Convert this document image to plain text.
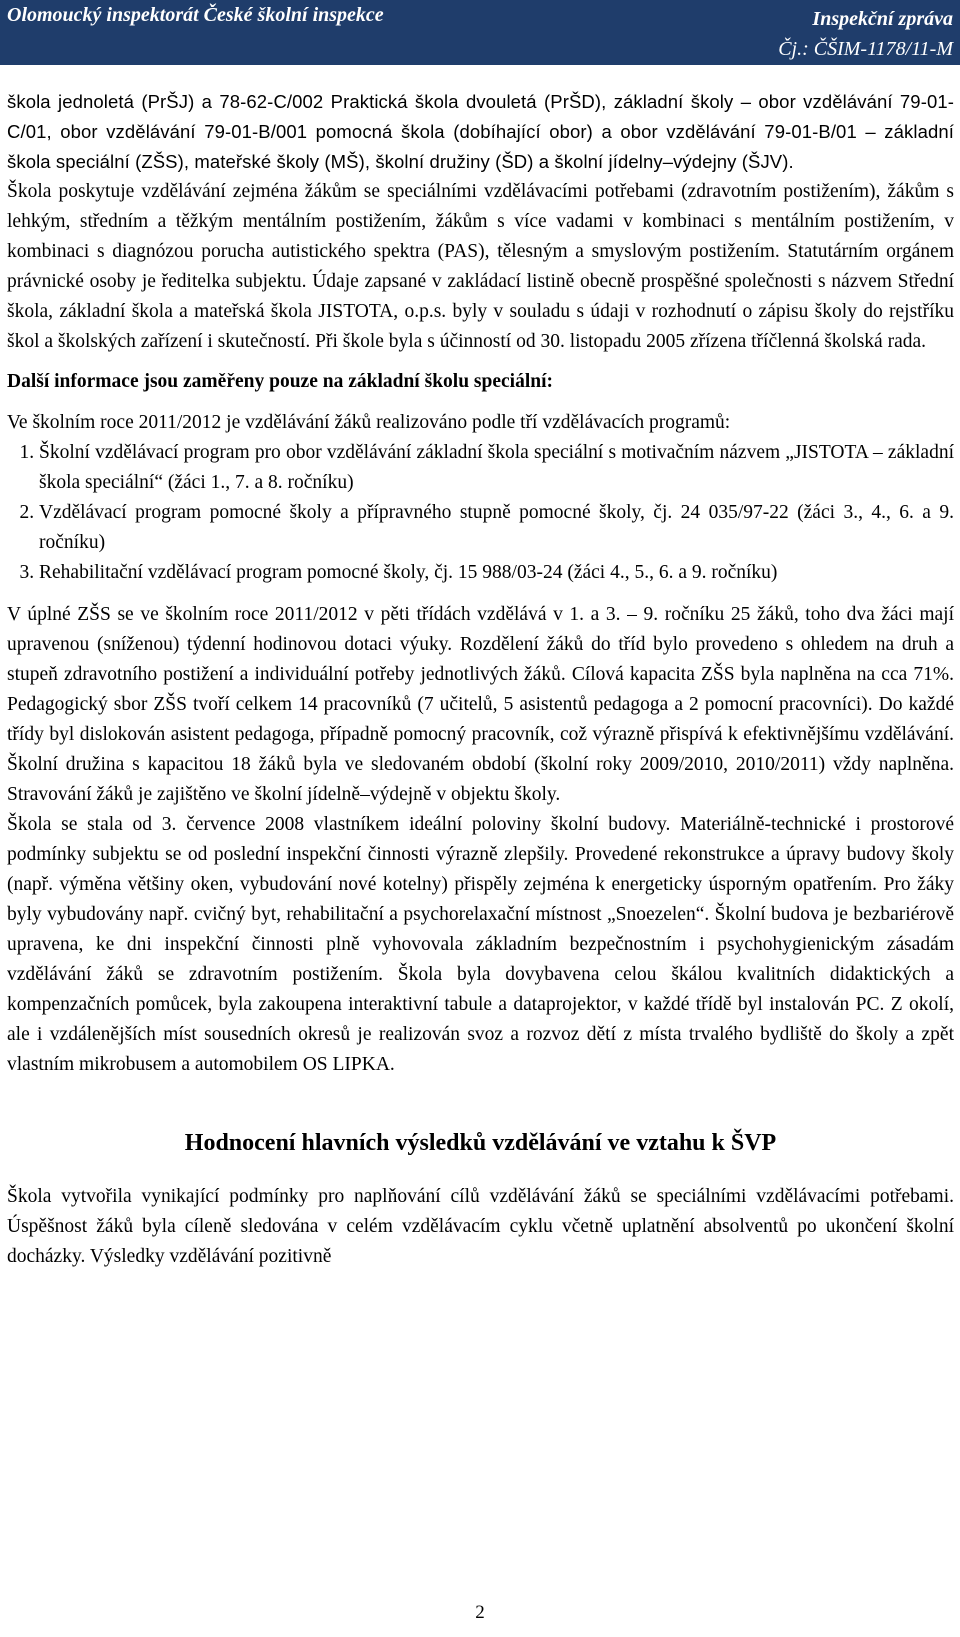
Olomoucký inspektorát České školní inspekce	Inspekční zpráva
Čj.: ČŠIM-1178/11-M

škola jednoletá (PrŠJ) a 78-62-C/002 Praktická škola dvouletá (PrŠD), základní školy – obor vzdělávání 79-01-C/01, obor vzdělávání 79-01-B/001 pomocná škola (dobíhající obor) a obor vzdělávání 79-01-B/01 – základní škola speciální (ZŠS), mateřské školy (MŠ), školní družiny (ŠD) a školní jídelny–výdejny (ŠJV).

Škola poskytuje vzdělávání zejména žákům se speciálními vzdělávacími potřebami (zdravotním postižením), žákům s lehkým, středním a těžkým mentálním postižením, žákům s více vadami v kombinaci s mentálním postižením, v kombinaci s diagnózou porucha autistického spektra (PAS), tělesným a smyslovým postižením. Statutárním orgánem právnické osoby je ředitelka subjektu. Údaje zapsané v zakládací listině obecně prospěšné společnosti s názvem Střední škola, základní škola a mateřská škola JISTOTA, o.p.s. byly v souladu s údaji v rozhodnutí o zápisu školy do rejstříku škol a školských zařízení i skutečností. Při škole byla s účinností od 30. listopadu 2005 zřízena tříčlenná školská rada.

Další informace jsou zaměřeny pouze na základní školu speciální:

Ve školním roce 2011/2012 je vzdělávání žáků realizováno podle tří vzdělávacích programů:

1. Školní vzdělávací program pro obor vzdělávání základní škola speciální s motivačním názvem „JISTOTA – základní škola speciální“ (žáci 1., 7. a 8. ročníku)
2. Vzdělávací program pomocné školy a přípravného stupně pomocné školy, čj. 24 035/97-22 (žáci 3., 4., 6. a 9. ročníku)
3. Rehabilitační vzdělávací program pomocné školy, čj. 15 988/03-24 (žáci 4., 5., 6. a 9. ročníku)

V úplné ZŠS se ve školním roce 2011/2012 v pěti třídách vzdělává v 1. a 3. – 9. ročníku 25 žáků, toho dva žáci mají upravenou (sníženou) týdenní hodinovou dotaci výuky. Rozdělení žáků do tříd bylo provedeno s ohledem na druh a stupeň zdravotního postižení a individuální potřeby jednotlivých žáků. Cílová kapacita ZŠS byla naplněna na cca 71%. Pedagogický sbor ZŠS tvoří celkem 14 pracovníků (7 učitelů, 5 asistentů pedagoga a 2 pomocní pracovníci). Do každé třídy byl dislokován asistent pedagoga, případně pomocný pracovník, což výrazně přispívá k efektivnějšímu vzdělávání. Školní družina s kapacitou 18 žáků byla ve sledovaném období (školní roky 2009/2010, 2010/2011) vždy naplněna. Stravování žáků je zajištěno ve školní jídelně–výdejně v objektu školy.

Škola se stala od 3. července 2008 vlastníkem ideální poloviny školní budovy. Materiálně-technické i prostorové podmínky subjektu se od poslední inspekční činnosti výrazně zlepšily. Provedené rekonstrukce a úpravy budovy školy (např. výměna většiny oken, vybudování nové kotelny) přispěly zejména k energeticky úsporným opatřením. Pro žáky byly vybudovány např. cvičný byt, rehabilitační a psychorelaxační místnost „Snoezelen“. Školní budova je bezbariérově upravena, ke dni inspekční činnosti plně vyhovovala základním bezpečnostním i psychohygienickým zásadám vzdělávání žáků se zdravotním postižením. Škola byla dovybavena celou škálou kvalitních didaktických a kompenzačních pomůcek, byla zakoupena interaktivní tabule a dataprojektor, v každé třídě byl instalován PC. Z okolí, ale i vzdálenějších míst sousedních okresů je realizován svoz a rozvoz dětí z místa trvalého bydliště do školy a zpět vlastním mikrobusem a automobilem OS LIPKA.

Hodnocení hlavních výsledků vzdělávání ve vztahu k ŠVP

Škola vytvořila vynikající podmínky pro naplňování cílů vzdělávání žáků se speciálními vzdělávacími potřebami. Úspěšnost žáků byla cíleně sledována v celém vzdělávacím cyklu včetně uplatnění absolventů po ukončení školní docházky. Výsledky vzdělávání pozitivně

2
